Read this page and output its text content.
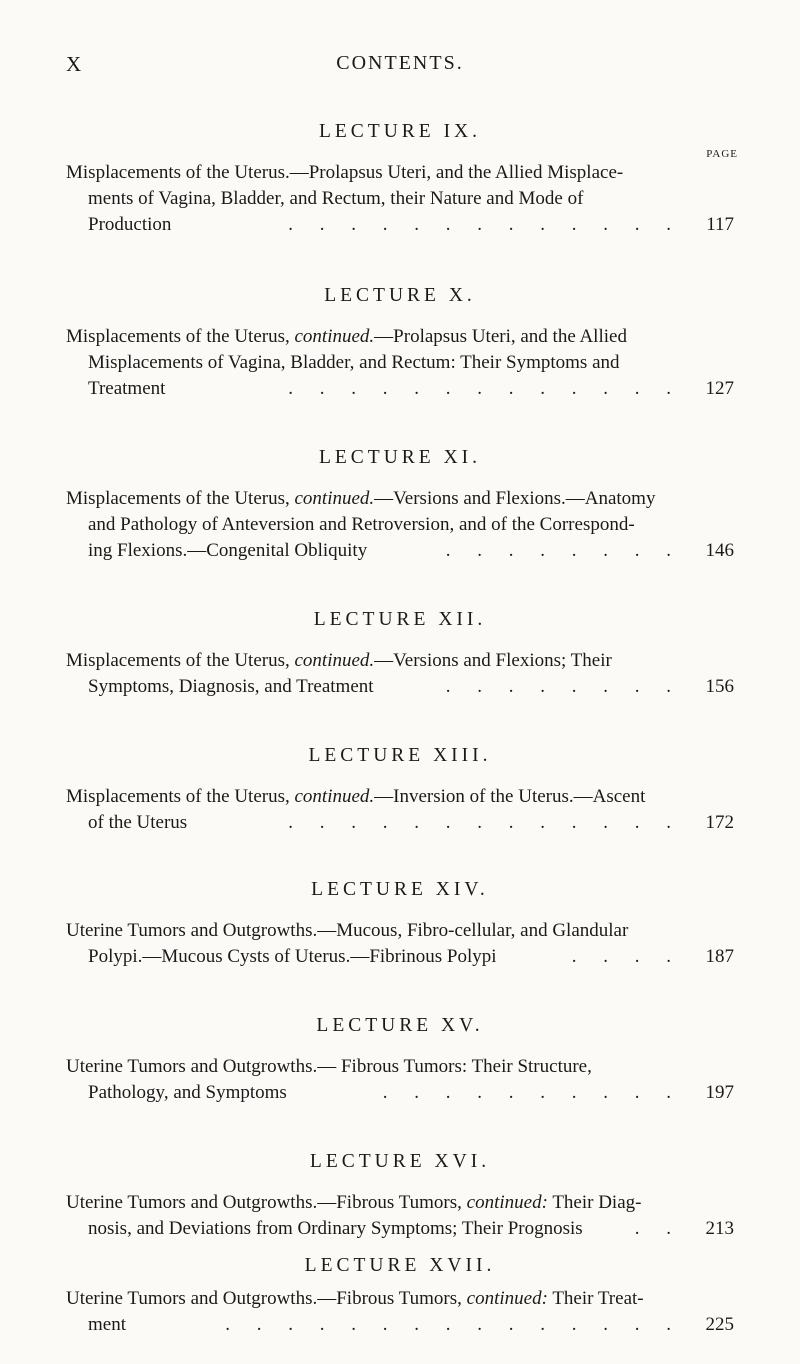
X	CONTENTS.
PAGE
LECTURE IX.
Misplacements of the Uterus.—Prolapsus Uteri, and the Allied Misplace-
ments of Vagina, Bladder, and Rectum, their Nature and Mode of
Production	. . . . . . . . . . . . .	117
LECTURE X.
Misplacements of the Uterus, continued.—Prolapsus Uteri, and the Allied
Misplacements of Vagina, Bladder, and Rectum: Their Symptoms and
Treatment	. . . . . . . . . . . . .	127
LECTURE XI.
Misplacements of the Uterus, continued.—Versions and Flexions.—Anatomy
and Pathology of Anteversion and Retroversion, and of the Correspond-
ing Flexions.—Congenital Obliquity	. . . . . . . .	146
LECTURE XII.
Misplacements of the Uterus, continued.—Versions and Flexions; Their
Symptoms, Diagnosis, and Treatment	. . . . . . . .	156
LECTURE XIII.
Misplacements of the Uterus, continued.—Inversion of the Uterus.—Ascent
of the Uterus	. . . . . . . . . . . . .	172
LECTURE XIV.
Uterine Tumors and Outgrowths.—Mucous, Fibro-cellular, and Glandular
Polypi.—Mucous Cysts of Uterus.—Fibrinous Polypi	. . . .	187
LECTURE XV.
Uterine Tumors and Outgrowths.— Fibrous Tumors: Their Structure,
Pathology, and Symptoms	. . . . . . . . . .	197
LECTURE XVI.
Uterine Tumors and Outgrowths.—Fibrous Tumors, continued: Their Diag-
nosis, and Deviations from Ordinary Symptoms; Their Prognosis	. .	213
LECTURE XVII.
Uterine Tumors and Outgrowths.—Fibrous Tumors, continued: Their Treat-
ment	. . . . . . . . . . . . . . .	225
